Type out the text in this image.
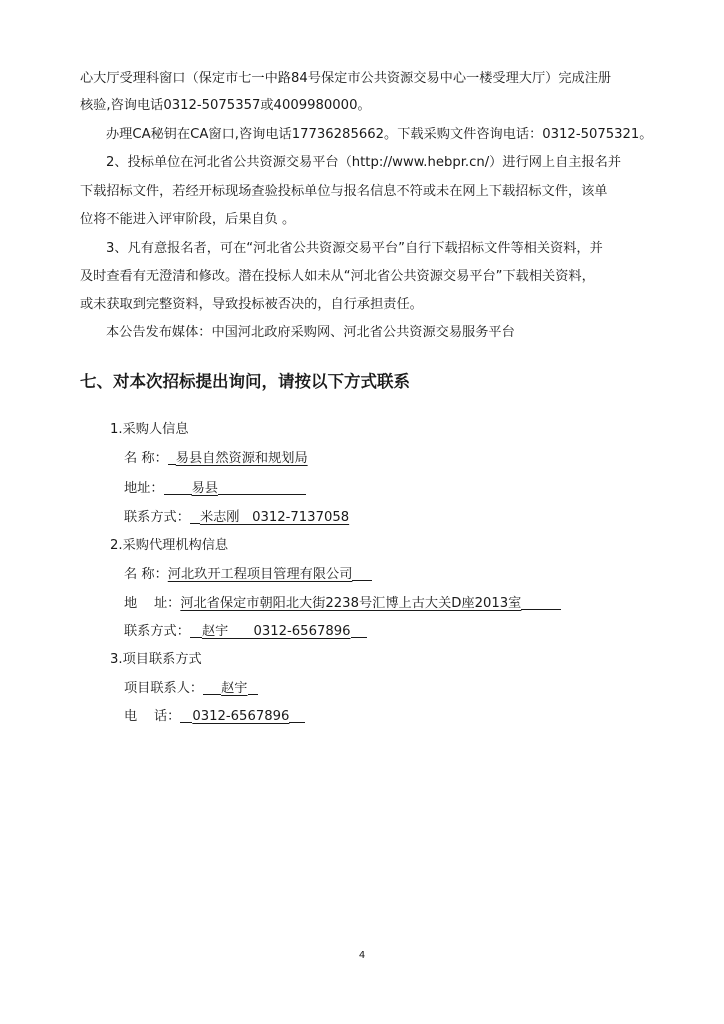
心大厅受理科窗口（保定市七一中路84号保定市公共资源交易中心一楼受理大厅）完成注册
核验,咨询电话0312-5075357或4009980000。
办理CA秘钥在CA窗口,咨询电话17736285662。下载采购文件咨询电话：0312-5075321。
2、投标单位在河北省公共资源交易平台（http://www.hebpr.cn/）进行网上自主报名并
下载招标文件，若经开标现场查验投标单位与报名信息不符或未在网上下载招标文件，该单
位将不能进入评审阶段，后果自负 。
3、凡有意报名者，可在“河北省公共资源交易平台”自行下载招标文件等相关资料，并
及时查看有无澄清和修改。潜在投标人如未从“河北省公共资源交易平台”下载相关资料，
或未获取到完整资料，导致投标被否决的，自行承担责任。
本公告发布媒体：中国河北政府采购网、河北省公共资源交易服务平台
七、对本次招标提出询问，请按以下方式联系
1.采购人信息
名 称： 易县自然资源和规划局
地址： 易县
联系方式： 米志刚   0312-7137058
2.采购代理机构信息
名 称：河北玖开工程项目管理有限公司
地    址：河北省保定市朝阳北大街2238号汇博上古大关D座2013室
联系方式： 赵宇      0312-6567896
3.项目联系方式
项目联系人： 赵宇
电    话： 0312-6567896
4
